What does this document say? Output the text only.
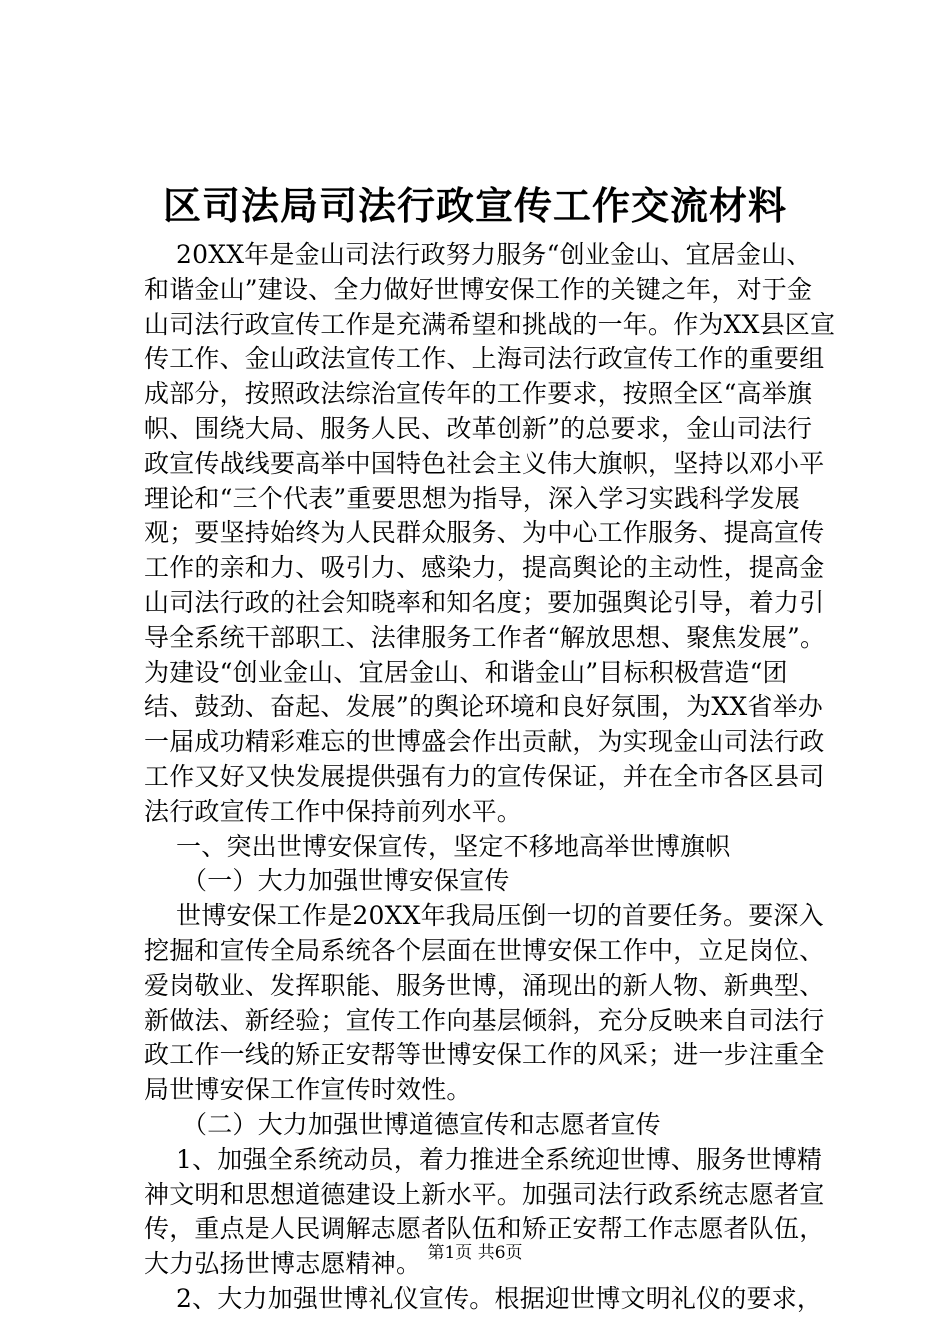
区司法局司法行政宣传工作交流材料
20XX年是金山司法行政努力服务“创业金山、宜居金山、
和谐金山”建设、全力做好世博安保工作的关键之年，对于金
山司法行政宣传工作是充满希望和挑战的一年。作为XX县区宣
传工作、金山政法宣传工作、上海司法行政宣传工作的重要组
成部分，按照政法综治宣传年的工作要求，按照全区“高举旗
帜、围绕大局、服务人民、改革创新”的总要求，金山司法行
政宣传战线要高举中国特色社会主义伟大旗帜，坚持以邓小平
理论和“三个代表”重要思想为指导，深入学习实践科学发展
观；要坚持始终为人民群众服务、为中心工作服务、提高宣传
工作的亲和力、吸引力、感染力，提高舆论的主动性，提高金
山司法行政的社会知晓率和知名度；要加强舆论引导，着力引
导全系统干部职工、法律服务工作者“解放思想、聚焦发展”。
为建设“创业金山、宜居金山、和谐金山”目标积极营造“团
结、鼓劲、奋起、发展”的舆论环境和良好氛围，为XX省举办
一届成功精彩难忘的世博盛会作出贡献，为实现金山司法行政
工作又好又快发展提供强有力的宣传保证，并在全市各区县司
法行政宣传工作中保持前列水平。
一、突出世博安保宣传，坚定不移地高举世博旗帜
（一）大力加强世博安保宣传
世博安保工作是20XX年我局压倒一切的首要任务。要深入
挖掘和宣传全局系统各个层面在世博安保工作中，立足岗位、
爱岗敬业、发挥职能、服务世博，涌现出的新人物、新典型、
新做法、新经验；宣传工作向基层倾斜，充分反映来自司法行
政工作一线的矫正安帮等世博安保工作的风采；进一步注重全
局世博安保工作宣传时效性。
（二）大力加强世博道德宣传和志愿者宣传
1、加强全系统动员，着力推进全系统迎世博、服务世博精
神文明和思想道德建设上新水平。加强司法行政系统志愿者宣
传，重点是人民调解志愿者队伍和矫正安帮工作志愿者队伍，
大力弘扬世博志愿精神。
2、大力加强世博礼仪宣传。根据迎世博文明礼仪的要求，
第1页 共6页
